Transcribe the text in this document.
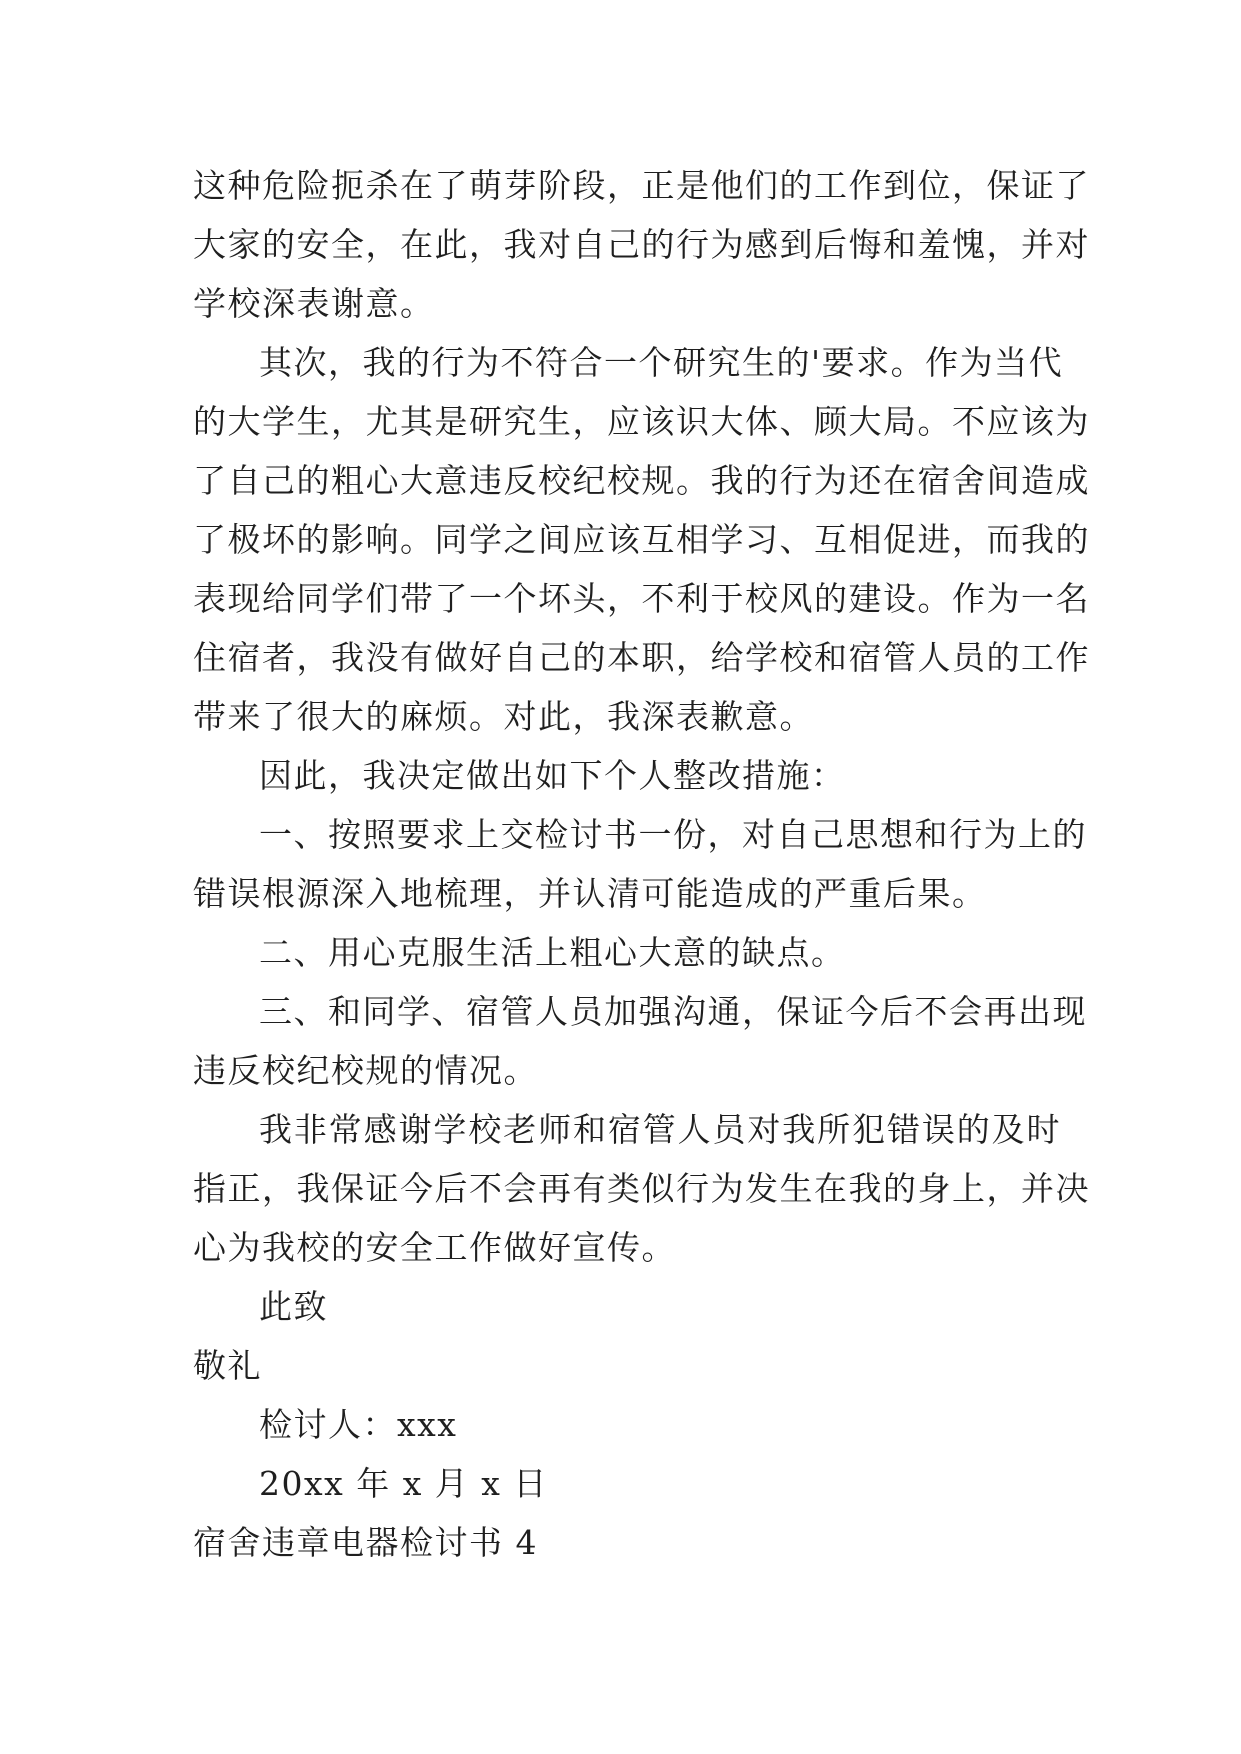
这种危险扼杀在了萌芽阶段，正是他们的工作到位，保证了
大家的安全，在此，我对自己的行为感到后悔和羞愧，并对
学校深表谢意。
其次，我的行为不符合一个研究生的'要求。作为当代
的大学生，尤其是研究生，应该识大体、顾大局。不应该为
了自己的粗心大意违反校纪校规。我的行为还在宿舍间造成
了极坏的影响。同学之间应该互相学习、互相促进，而我的
表现给同学们带了一个坏头，不利于校风的建设。作为一名
住宿者，我没有做好自己的本职，给学校和宿管人员的工作
带来了很大的麻烦。对此，我深表歉意。
因此，我决定做出如下个人整改措施：
一、按照要求上交检讨书一份，对自己思想和行为上的
错误根源深入地梳理，并认清可能造成的严重后果。
二、用心克服生活上粗心大意的缺点。
三、和同学、宿管人员加强沟通，保证今后不会再出现
违反校纪校规的情况。
我非常感谢学校老师和宿管人员对我所犯错误的及时
指正，我保证今后不会再有类似行为发生在我的身上，并决
心为我校的安全工作做好宣传。
此致
敬礼
检讨人：xxx
20xx 年 x 月 x 日
宿舍违章电器检讨书 4
